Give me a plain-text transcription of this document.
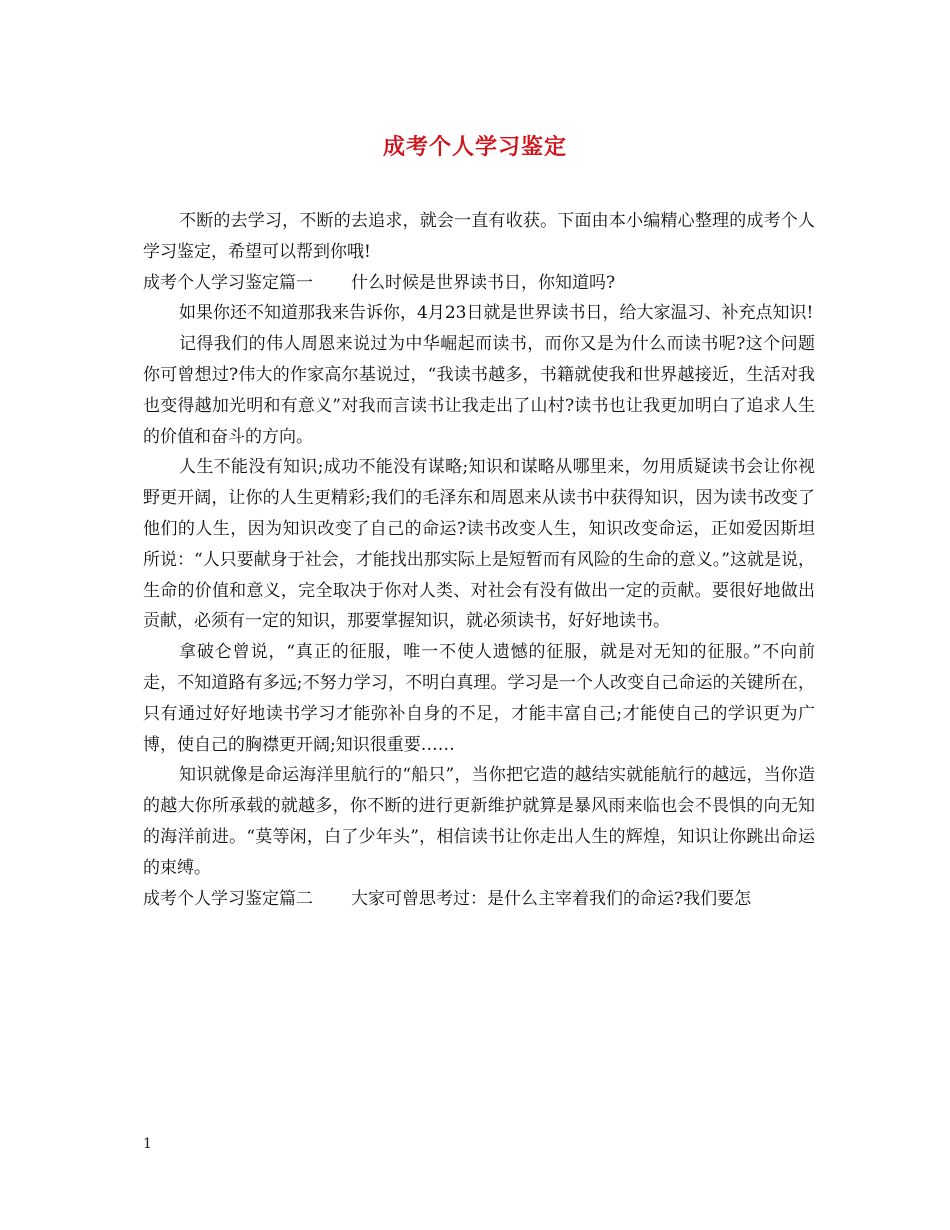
成考个人学习鉴定

不断的去学习，不断的去追求，就会一直有收获。下面由本小编精心整理的成考个人学习鉴定，希望可以帮到你哦!

成考个人学习鉴定篇一 什么时候是世界读书日，你知道吗?

如果你还不知道那我来告诉你，4月23日就是世界读书日，给大家温习、补充点知识!

记得我们的伟人周恩来说过为中华崛起而读书，而你又是为什么而读书呢?这个问题你可曾想过?伟大的作家高尔基说过，“我读书越多，书籍就使我和世界越接近，生活对我也变得越加光明和有意义”对我而言读书让我走出了山村?读书也让我更加明白了追求人生的价值和奋斗的方向。

人生不能没有知识;成功不能没有谋略;知识和谋略从哪里来，勿用质疑读书会让你视野更开阔，让你的人生更精彩;我们的毛泽东和周恩来从读书中获得知识，因为读书改变了他们的人生，因为知识改变了自己的命运?读书改变人生，知识改变命运，正如爱因斯坦所说：“人只要献身于社会，才能找出那实际上是短暂而有风险的生命的意义。”这就是说，生命的价值和意义，完全取决于你对人类、对社会有没有做出一定的贡献。要很好地做出贡献，必须有一定的知识，那要掌握知识，就必须读书，好好地读书。

拿破仑曾说，“真正的征服，唯一不使人遗憾的征服，就是对无知的征服。”不向前走，不知道路有多远;不努力学习，不明白真理。学习是一个人改变自己命运的关键所在，只有通过好好地读书学习才能弥补自身的不足，才能丰富自己;才能使自己的学识更为广博，使自己的胸襟更开阔;知识很重要……

知识就像是命运海洋里航行的“船只”，当你把它造的越结实就能航行的越远，当你造的越大你所承载的就越多，你不断的进行更新维护就算是暴风雨来临也会不畏惧的向无知的海洋前进。“莫等闲，白了少年头”，相信读书让你走出人生的辉煌，知识让你跳出命运的束缚。

成考个人学习鉴定篇二 大家可曾思考过：是什么主宰着我们的命运?我们要怎

1
